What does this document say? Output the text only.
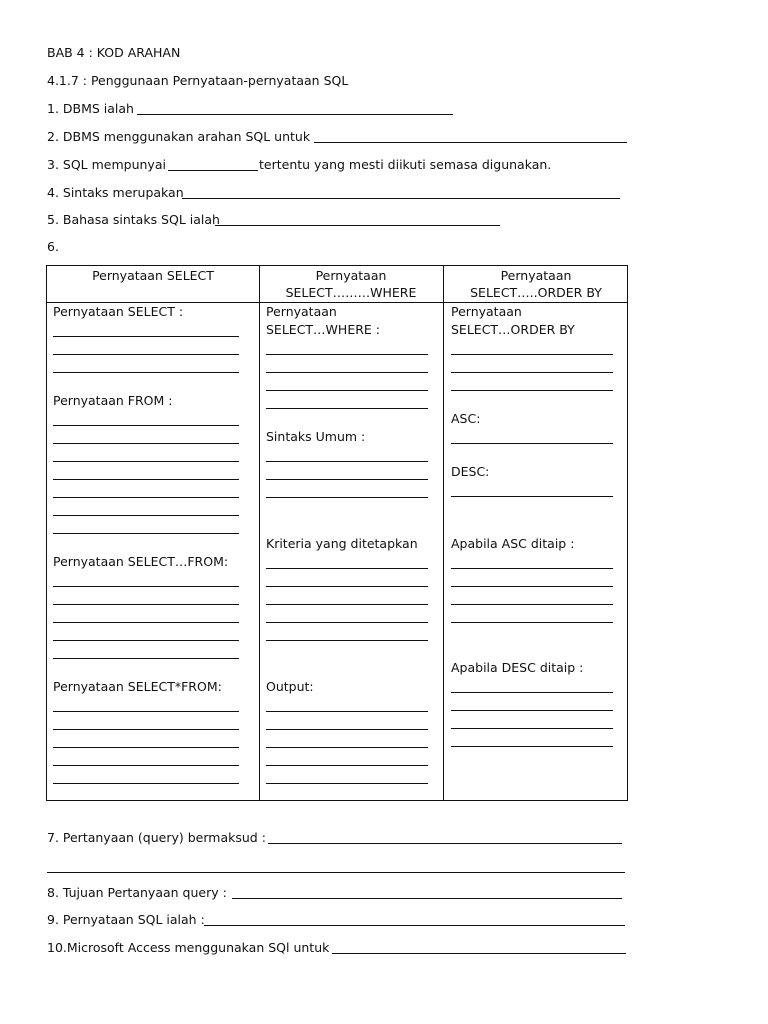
BAB 4 : KOD ARAHAN
4.1.7 : Penggunaan Pernyataan-pernyataan SQL
1. DBMS ialah
2. DBMS menggunakan arahan SQL untuk
3. SQL mempunyai	tertentu yang mesti diikuti semasa digunakan.
4. Sintaks merupakan
5. Bahasa sintaks SQL ialah
6.
Pernyataan SELECT	Pernyataan
SELECT………WHERE
Pernyataan
SELECT…..ORDER BY
Pernyataan SELECT :
Pernyataan FROM :
Pernyataan SELECT…FROM:
Pernyataan SELECT*FROM:
Pernyataan
SELECT…WHERE :
Sintaks Umum :
Kriteria yang ditetapkan
Output:
Pernyataan
SELECT…ORDER BY
ASC:
DESC:
Apabila ASC ditaip :
Apabila DESC ditaip :
7. Pertanyaan (query) bermaksud :
8. Tujuan Pertanyaan query :
9. Pernyataan SQL ialah :
10.Microsoft Access menggunakan SQl untuk
